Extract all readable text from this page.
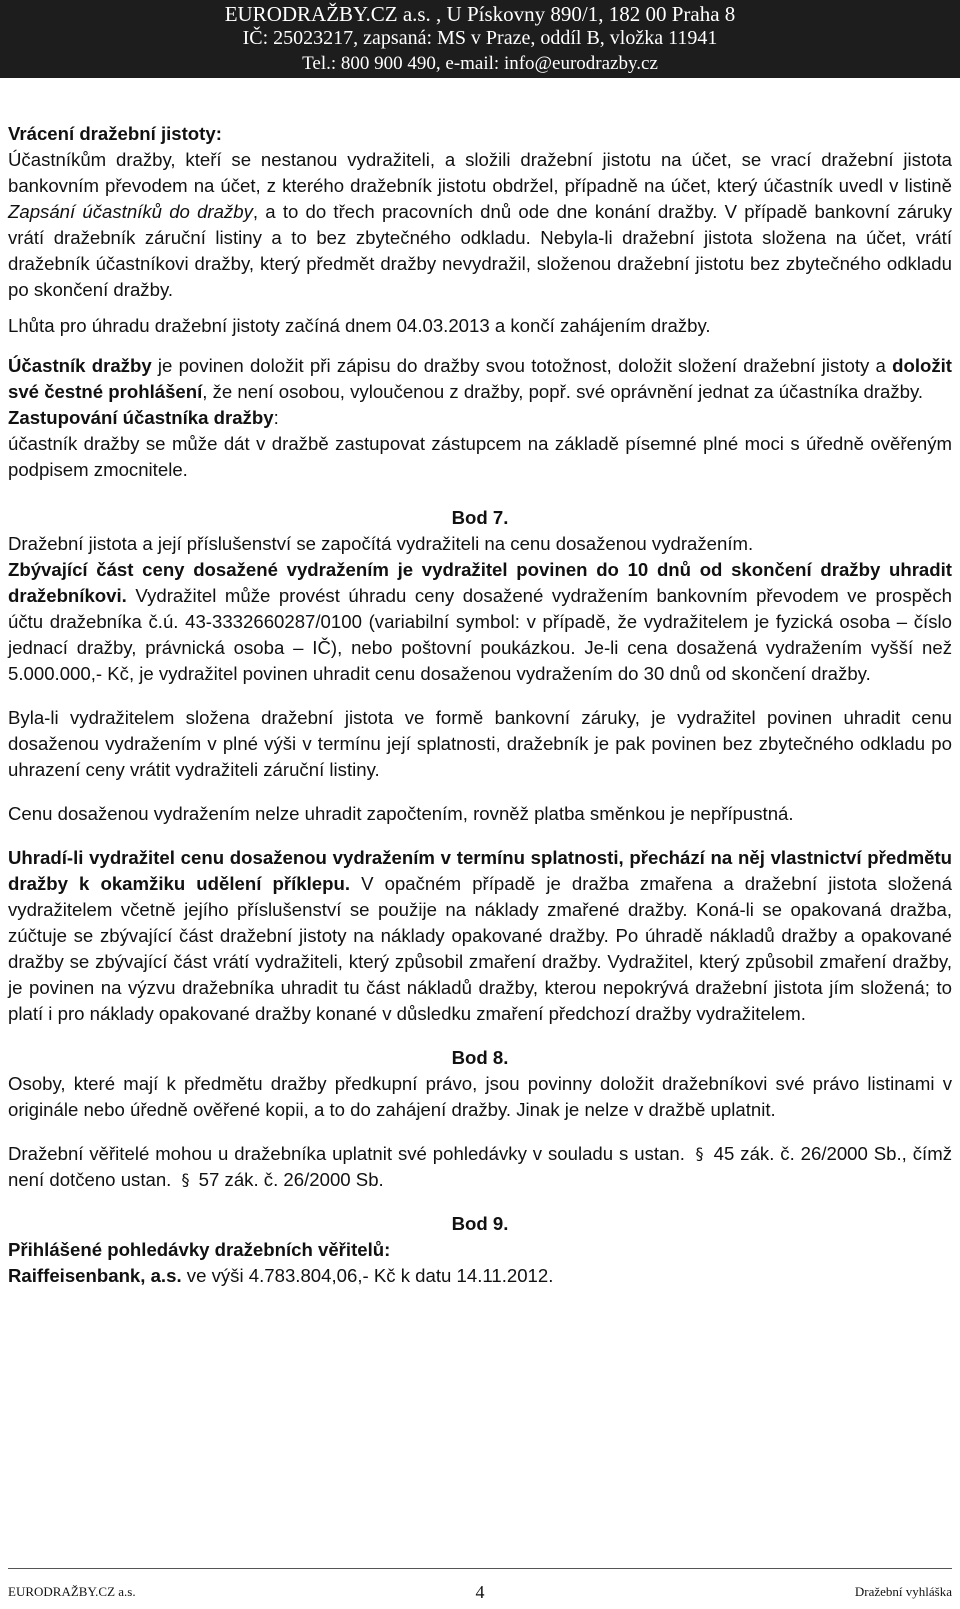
EURODRAŽBY.CZ a.s. , U Pískovny 890/1, 182 00 Praha 8
IČ: 25023217, zapsaná: MS v Praze, oddíl B, vložka 11941
Tel.: 800 900 490, e-mail: info@eurodrazby.cz

Vrácení dražební jistoty:

Účastníkům dražby, kteří se nestanou vydražiteli, a složili dražební jistotu na účet, se vrací dražební jistota bankovním převodem na účet, z kterého dražebník jistotu obdržel, případně na účet, který účastník uvedl v listině Zapsání účastníků do dražby, a to do třech pracovních dnů ode dne konání dražby. V případě bankovní záruky vrátí dražebník záruční listiny a to bez zbytečného odkladu. Nebyla-li dražební jistota složena na účet, vrátí dražebník účastníkovi dražby, který předmět dražby nevydražil, složenou dražební jistotu bez zbytečného odkladu po skončení dražby.

Lhůta pro úhradu dražební jistoty začíná dnem 04.03.2013 a končí zahájením dražby.

Účastník dražby je povinen doložit při zápisu do dražby svou totožnost, doložit složení dražební jistoty a doložit své čestné prohlášení, že není osobou, vyloučenou z dražby, popř. své oprávnění jednat za účastníka dražby.

Zastupování účastníka dražby:

účastník dražby se může dát v dražbě zastupovat zástupcem na základě písemné plné moci s úředně ověřeným podpisem zmocnitele.

Bod 7.

Dražební jistota a její příslušenství se započítá vydražiteli na cenu dosaženou vydražením.

Zbývající část ceny dosažené vydražením je vydražitel povinen do 10 dnů od skončení dražby uhradit dražebníkovi. Vydražitel může provést úhradu ceny dosažené vydražením bankovním převodem ve prospěch účtu dražebníka č.ú. 43-3332660287/0100 (variabilní symbol: v případě, že vydražitelem je fyzická osoba – číslo jednací dražby, právnická osoba – IČ), nebo poštovní poukázkou. Je-li cena dosažená vydražením vyšší než 5.000.000,- Kč, je vydražitel povinen uhradit cenu dosaženou vydražením do 30 dnů od skončení dražby.

Byla-li vydražitelem složena dražební jistota ve formě bankovní záruky, je vydražitel povinen uhradit cenu dosaženou vydražením v plné výši v termínu její splatnosti, dražebník je pak povinen bez zbytečného odkladu po uhrazení ceny vrátit vydražiteli záruční listiny.

Cenu dosaženou vydražením nelze uhradit započtením, rovněž platba směnkou je nepřípustná.

Uhradí-li vydražitel cenu dosaženou vydražením v termínu splatnosti, přechází na něj vlastnictví předmětu dražby k okamžiku udělení příklepu. V opačném případě je dražba zmařena a dražební jistota složená vydražitelem včetně jejího příslušenství se použije na náklady zmařené dražby. Koná-li se opakovaná dražba, zúčtuje se zbývající část dražební jistoty na náklady opakované dražby. Po úhradě nákladů dražby a opakované dražby se zbývající část vrátí vydražiteli, který způsobil zmaření dražby. Vydražitel, který způsobil zmaření dražby, je povinen na výzvu dražebníka uhradit tu část nákladů dražby, kterou nepokrývá dražební jistota jím složená; to platí i pro náklady opakované dražby konané v důsledku zmaření předchozí dražby vydražitelem.

Bod 8.

Osoby, které mají k předmětu dražby předkupní právo, jsou povinny doložit dražebníkovi své právo listinami v originále nebo úředně ověřené kopii, a to do zahájení dražby. Jinak je nelze v dražbě uplatnit.

Dražební věřitelé mohou u dražebníka uplatnit své pohledávky v souladu s ustan. § 45 zák. č. 26/2000 Sb., čímž není dotčeno ustan. § 57 zák. č. 26/2000 Sb.

Bod 9.

Přihlášené pohledávky dražebních věřitelů:

Raiffeisenbank, a.s. ve výši 4.783.804,06,- Kč k datu 14.11.2012.

EURODRAŽBY.CZ a.s.	4	Dražební vyhláška
